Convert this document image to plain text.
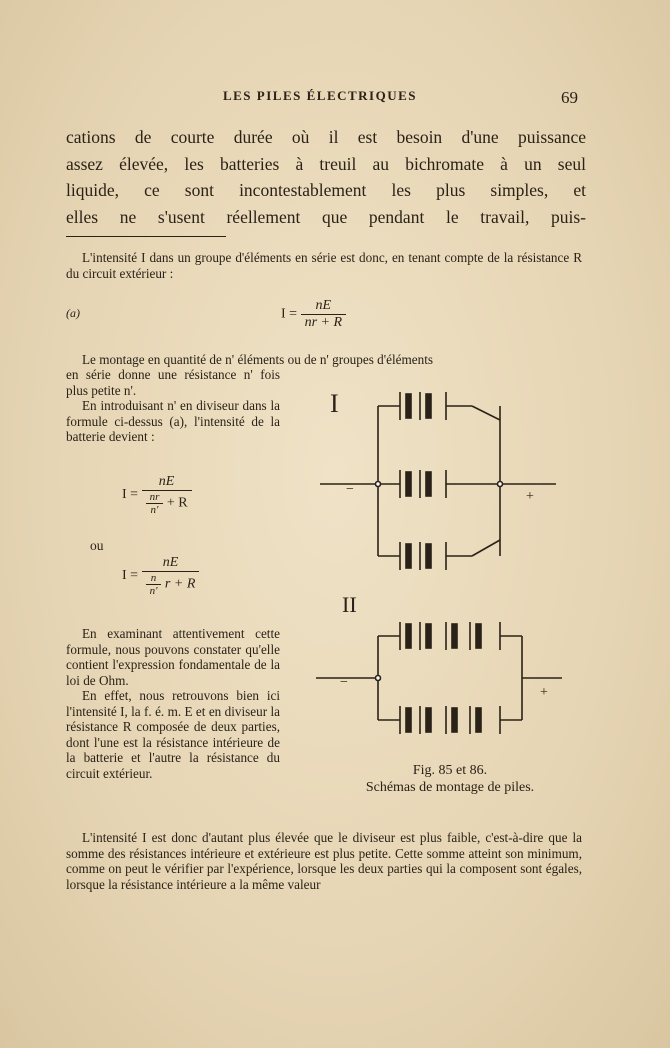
LES PILES ÉLECTRIQUES	69

cations de courte durée où il est besoin d'une puissance

assez élevée, les batteries à treuil au bichromate à un seul

liquide, ce sont incontestablement les plus simples, et

elles ne s'usent réellement que pendant le travail, puis-

L'intensité I dans un groupe d'éléments en série est donc, en tenant compte de la résistance R du circuit extérieur :

(a)	$I = \frac{nE}{nr + R}$

Le montage en quantité de n' éléments ou de n' groupes d'éléments

en série donne une résistance n' fois plus petite n'.

En introduisant n' en diviseur dans la formule ci-dessus (a), l'intensité de la batterie devient :

$I = \frac{nE}{\frac{nr}{n'} + R}$
ou
$I = \frac{nE}{\frac{n}{n'} r + R}$

En examinant attentivement cette formule, nous pouvons constater qu'elle contient l'expression fondamentale de la loi de Ohm.

En effet, nous retrouvons bien ici l'intensité I, la f. é. m. E et en diviseur la résistance R composée de deux parties, dont l'une est la résistance intérieure de la batterie et l'autre la résistance du circuit extérieur.

I
−	+
II
−
+
Fig. 85 et 86.
Schémas de montage de piles.

L'intensité I est donc d'autant plus élevée que le diviseur est plus faible, c'est-à-dire que la somme des résistances intérieure et extérieure est plus petite. Cette somme atteint son minimum, comme on peut le vérifier par l'expérience, lorsque les deux parties qui la composent sont égales, lorsque la résistance intérieure a la même valeur
